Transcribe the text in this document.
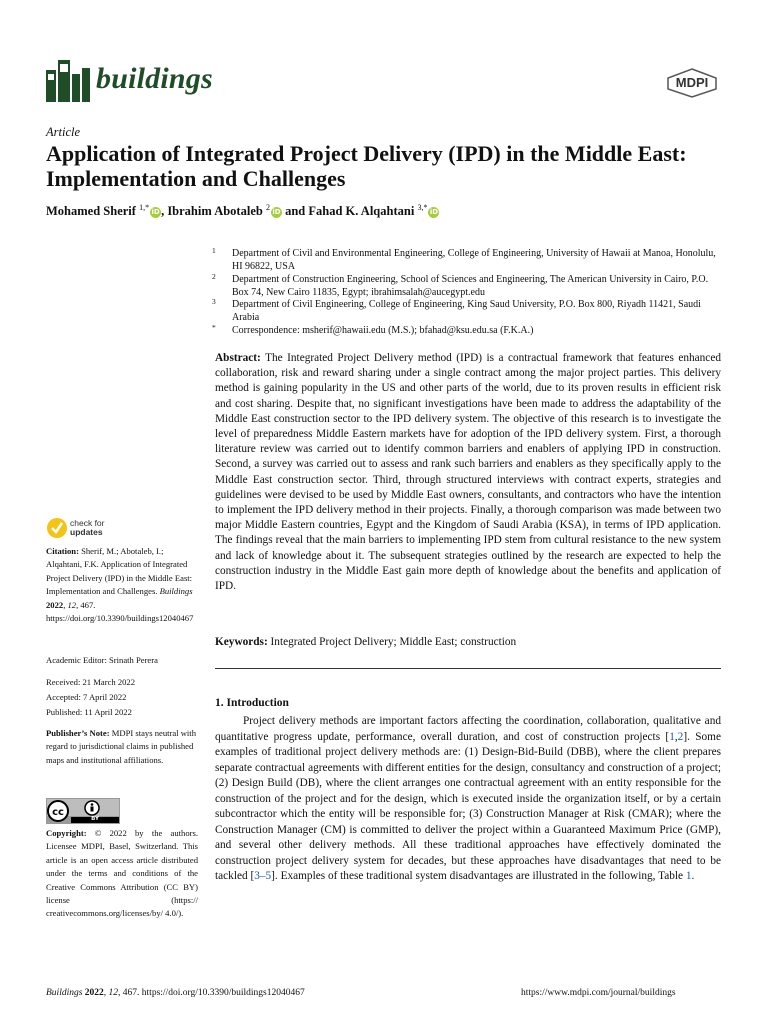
buildings	MDPI
Article
Application of Integrated Project Delivery (IPD) in the Middle East: Implementation and Challenges
Mohamed Sherif $^{1,*}$iD, Ibrahim Abotaleb $^2$iD and Fahad K. Alqahtani $^{3,*}$iD
1 Department of Civil and Environmental Engineering, College of Engineering, University of Hawaii at Manoa, Honolulu, HI 96822, USA
2 Department of Construction Engineering, School of Sciences and Engineering, The American University in Cairo, P.O. Box 74, New Cairo 11835, Egypt; ibrahimsalah@aucegypt.edu
3 Department of Civil Engineering, College of Engineering, King Saud University, P.O. Box 800, Riyadh 11421, Saudi Arabia
* Correspondence: msherif@hawaii.edu (M.S.); bfahad@ksu.edu.sa (F.K.A.)
Abstract: The Integrated Project Delivery method (IPD) is a contractual framework that features enhanced collaboration, risk and reward sharing under a single contract among the major project parties. This delivery method is gaining popularity in the US and other parts of the world, due to its proven results in efficient risk and cost sharing. Despite that, no significant investigations have been made to address the adaptability of the Middle East construction sector to the IPD delivery system. The objective of this research is to investigate the level of preparedness Middle Eastern markets have for adoption of the IPD delivery system. First, a thorough literature review was carried out to identify common barriers and enablers of applying IPD in construction. Second, a survey was carried out to assess and rank such barriers and enablers as they specifically apply to the Middle East construction sector. Third, through structured interviews with contract experts, strategies and guidelines were devised to be used by Middle East owners, consultants, and contractors who have the intention to implement the IPD delivery method in their projects. Finally, a thorough comparison was made between two major Middle Eastern countries, Egypt and the Kingdom of Saudi Arabia (KSA), in terms of IPD application. The findings reveal that the main barriers to implementing IPD stem from cultural resistance to the new system and lack of knowledge about it. The subsequent strategies outlined by the research are expected to help the construction industry in the Middle East gain more depth of knowledge about the benefits and application of IPD.
Keywords: Integrated Project Delivery; Middle East; construction
1. Introduction
Project delivery methods are important factors affecting the coordination, collaboration, qualitative and quantitative progress update, performance, overall duration, and cost of construction projects [1,2]. Some examples of traditional project delivery methods are: (1) Design-Bid-Build (DBB), where the client prepares separate contractual agreements with different entities for the design, consultancy and construction of a project; (2) Design Build (DB), where the client arranges one contractual agreement with an entity responsible for the construction of the project and for the design, which is executed inside the organization itself, or by a certain subcontractor which the entity will be responsible for; (3) Construction Manager at Risk (CMAR); where the Construction Manager (CM) is committed to deliver the project within a Guaranteed Maximum Price (GMP), and several other delivery methods. All these traditional approaches have effectively dominated the construction project delivery system for decades, but these approaches have disadvantages that need to be tackled [3–5]. Examples of these traditional system disadvantages are illustrated in the following, Table 1.
check for
updates
Citation: Sherif, M.; Abotaleb, I.; Alqahtani, F.K. Application of Integrated Project Delivery (IPD) in the Middle East: Implementation and Challenges. Buildings 2022, 12, 467. https://doi.org/10.3390/buildings12040467
Academic Editor: Srinath Perera
Received: 21 March 2022
Accepted: 7 April 2022
Published: 11 April 2022
Publisher’s Note: MDPI stays neutral with regard to jurisdictional claims in published maps and institutional affiliations.
cc
BY
Copyright: © 2022 by the authors. Licensee MDPI, Basel, Switzerland. This article is an open access article distributed under the terms and conditions of the Creative Commons Attribution (CC BY) license (https:// creativecommons.org/licenses/by/ 4.0/).
Buildings 2022, 12, 467. https://doi.org/10.3390/buildings12040467	https://www.mdpi.com/journal/buildings
